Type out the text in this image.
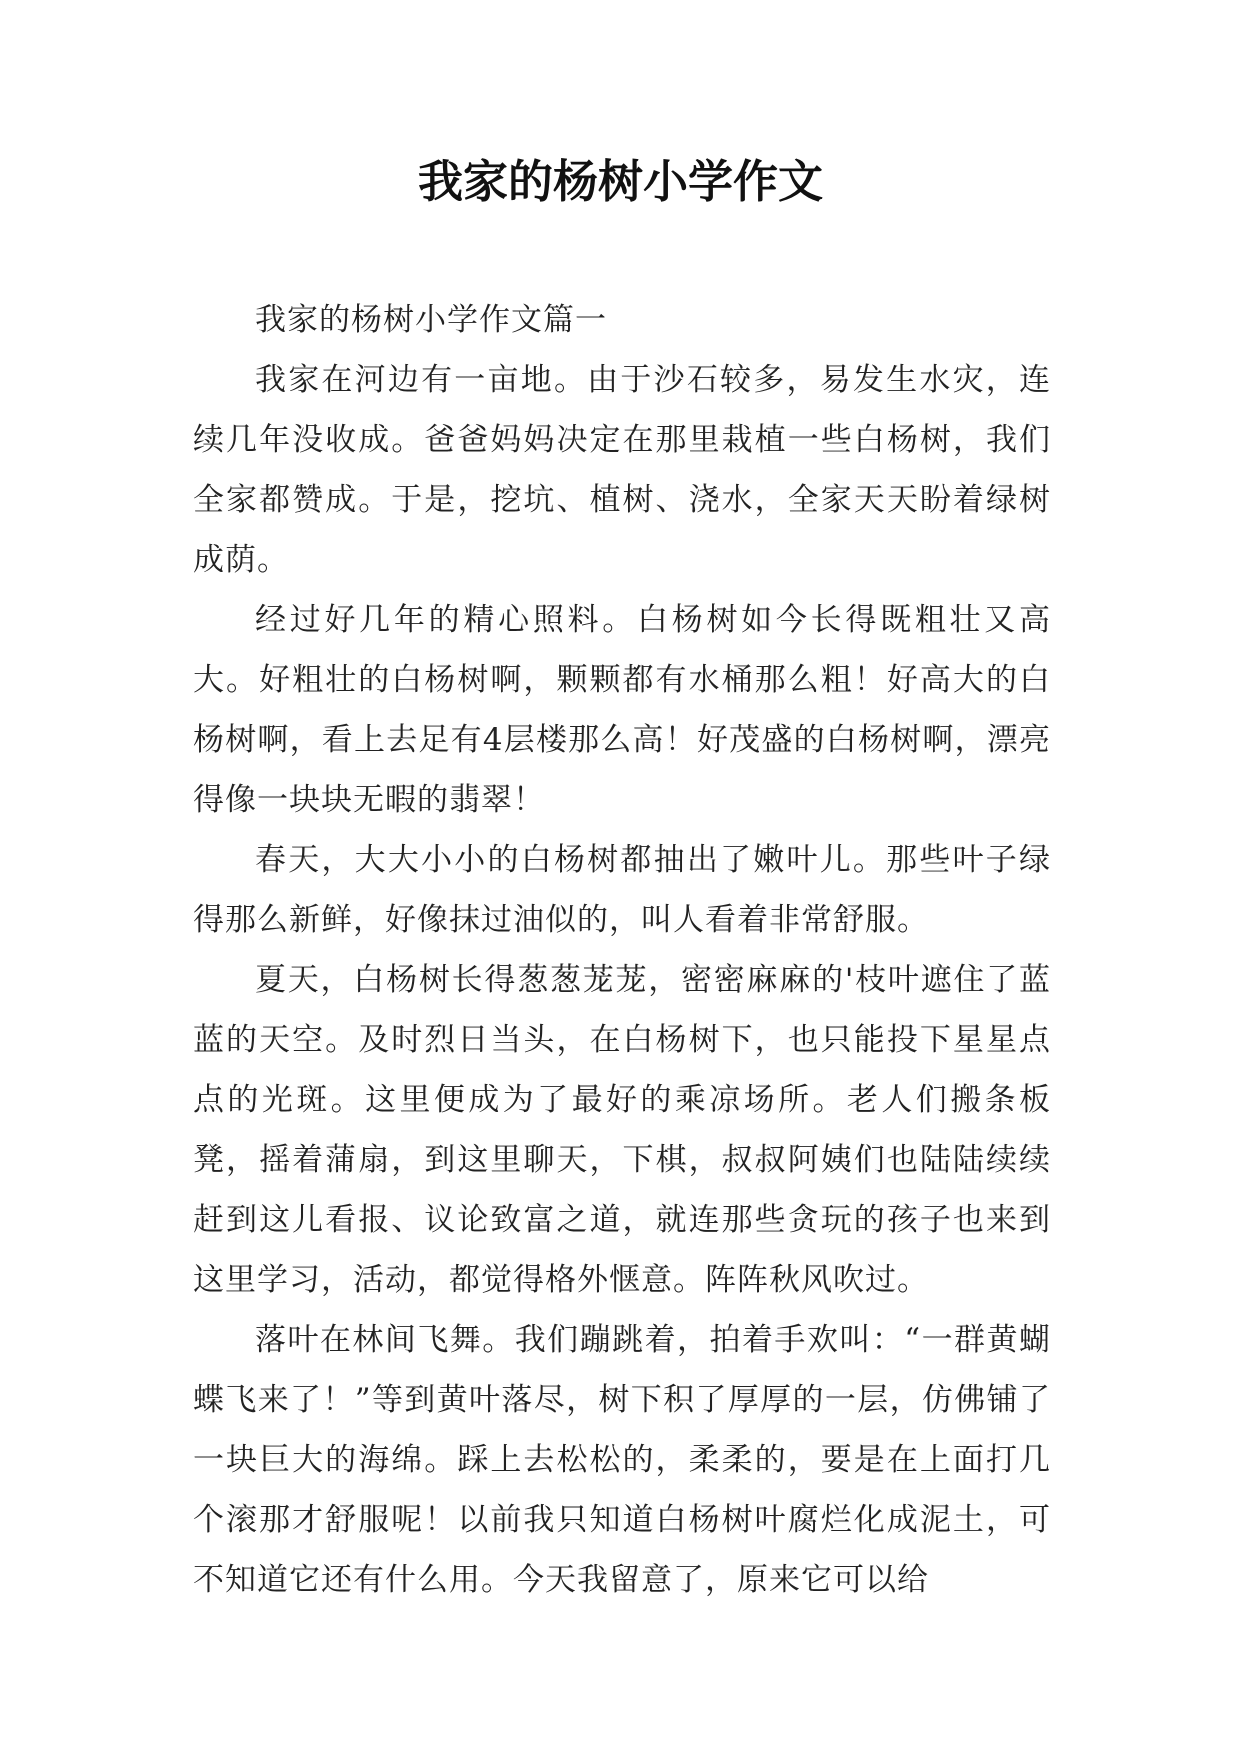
我家的杨树小学作文

我家的杨树小学作文篇一

我家在河边有一亩地。由于沙石较多，易发生水灾，连续几年没收成。爸爸妈妈决定在那里栽植一些白杨树，我们全家都赞成。于是，挖坑、植树、浇水，全家天天盼着绿树成荫。

经过好几年的精心照料。白杨树如今长得既粗壮又高大。好粗壮的白杨树啊，颗颗都有水桶那么粗！好高大的白杨树啊，看上去足有4层楼那么高！好茂盛的白杨树啊，漂亮得像一块块无暇的翡翠！

春天，大大小小的白杨树都抽出了嫩叶儿。那些叶子绿得那么新鲜，好像抹过油似的，叫人看着非常舒服。

夏天，白杨树长得葱葱茏茏，密密麻麻的'枝叶遮住了蓝蓝的天空。及时烈日当头，在白杨树下，也只能投下星星点点的光斑。这里便成为了最好的乘凉场所。老人们搬条板凳，摇着蒲扇，到这里聊天，下棋，叔叔阿姨们也陆陆续续赶到这儿看报、议论致富之道，就连那些贪玩的孩子也来到这里学习，活动，都觉得格外惬意。阵阵秋风吹过。

落叶在林间飞舞。我们蹦跳着，拍着手欢叫：“一群黄蝴蝶飞来了！”等到黄叶落尽，树下积了厚厚的一层，仿佛铺了一块巨大的海绵。踩上去松松的，柔柔的，要是在上面打几个滚那才舒服呢！以前我只知道白杨树叶腐烂化成泥土，可不知道它还有什么用。今天我留意了，原来它可以给
